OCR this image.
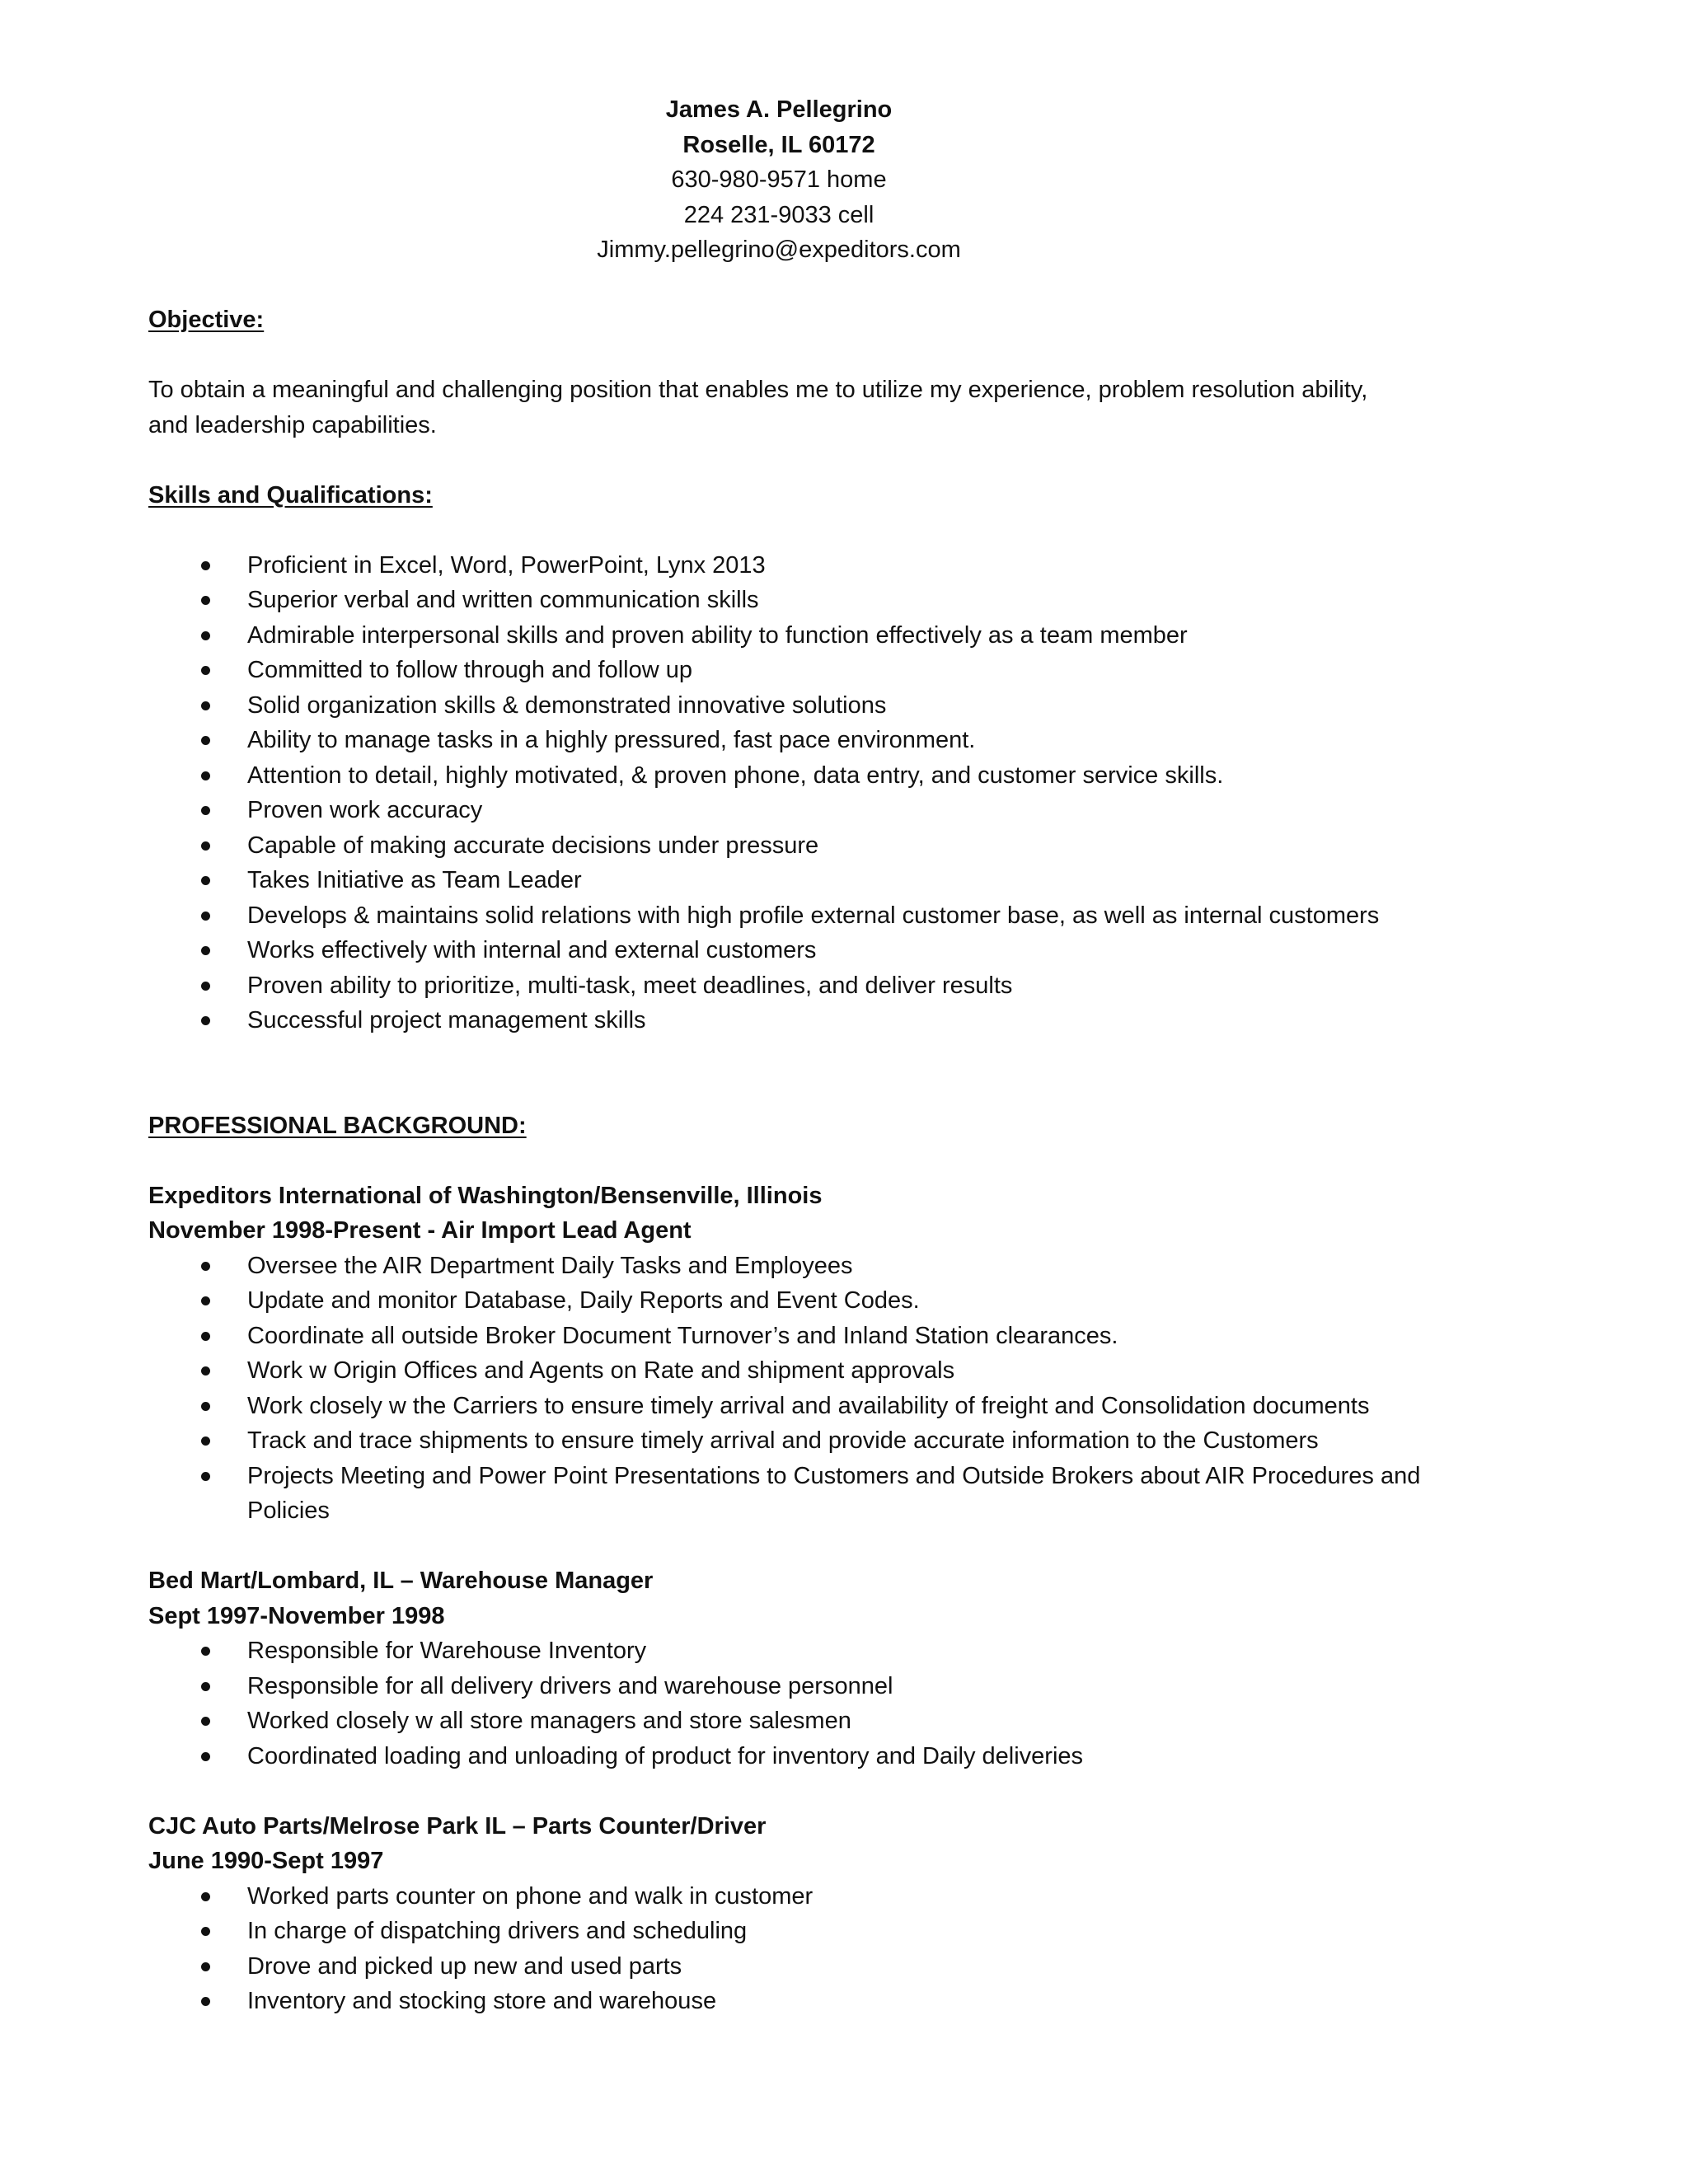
James A. Pellegrino
Roselle, IL 60172
630-980-9571 home
224 231-9033 cell
Jimmy.pellegrino@expeditors.com
Objective:

To obtain a meaningful and challenging position that enables me to utilize my experience, problem resolution ability,

and leadership capabilities.

Skills and Qualifications:
Proficient in Excel, Word, PowerPoint, Lynx 2013
Superior verbal and written communication skills
Admirable interpersonal skills and proven ability to function effectively as a team member
Committed to follow through and follow up
Solid organization skills & demonstrated innovative solutions
Ability to manage tasks in a highly pressured, fast pace environment.
Attention to detail, highly motivated, & proven phone, data entry, and customer service skills.
Proven work accuracy
Capable of making accurate decisions under pressure
Takes Initiative as Team Leader
Develops & maintains solid relations with high profile external customer base, as well as internal customers
Works effectively with internal and external customers
Proven ability to prioritize, multi-task, meet deadlines, and deliver results
Successful project management skills
PROFESSIONAL BACKGROUND:
Expeditors International of Washington/Bensenville, Illinois
November 1998-Present - Air Import Lead Agent
Oversee the AIR Department Daily Tasks and Employees
Update and monitor Database, Daily Reports and Event Codes.
Coordinate all outside Broker Document Turnover’s and Inland Station clearances.
Work w Origin Offices and Agents on Rate and shipment approvals
Work closely w the Carriers to ensure timely arrival and availability of freight and Consolidation documents
Track and trace shipments to ensure timely arrival and provide accurate information to the Customers
Projects Meeting and Power Point Presentations to Customers and Outside Brokers about AIR Procedures and Policies
Bed Mart/Lombard, IL – Warehouse Manager
Sept 1997-November 1998
Responsible for Warehouse Inventory
Responsible for all delivery drivers and warehouse personnel
Worked closely w all store managers and store salesmen
Coordinated loading and unloading of product for inventory and Daily deliveries
CJC Auto Parts/Melrose Park IL – Parts Counter/Driver
June 1990-Sept 1997
Worked parts counter on phone and walk in customer
In charge of dispatching drivers and scheduling
Drove and picked up new and used parts
Inventory and stocking store and warehouse
